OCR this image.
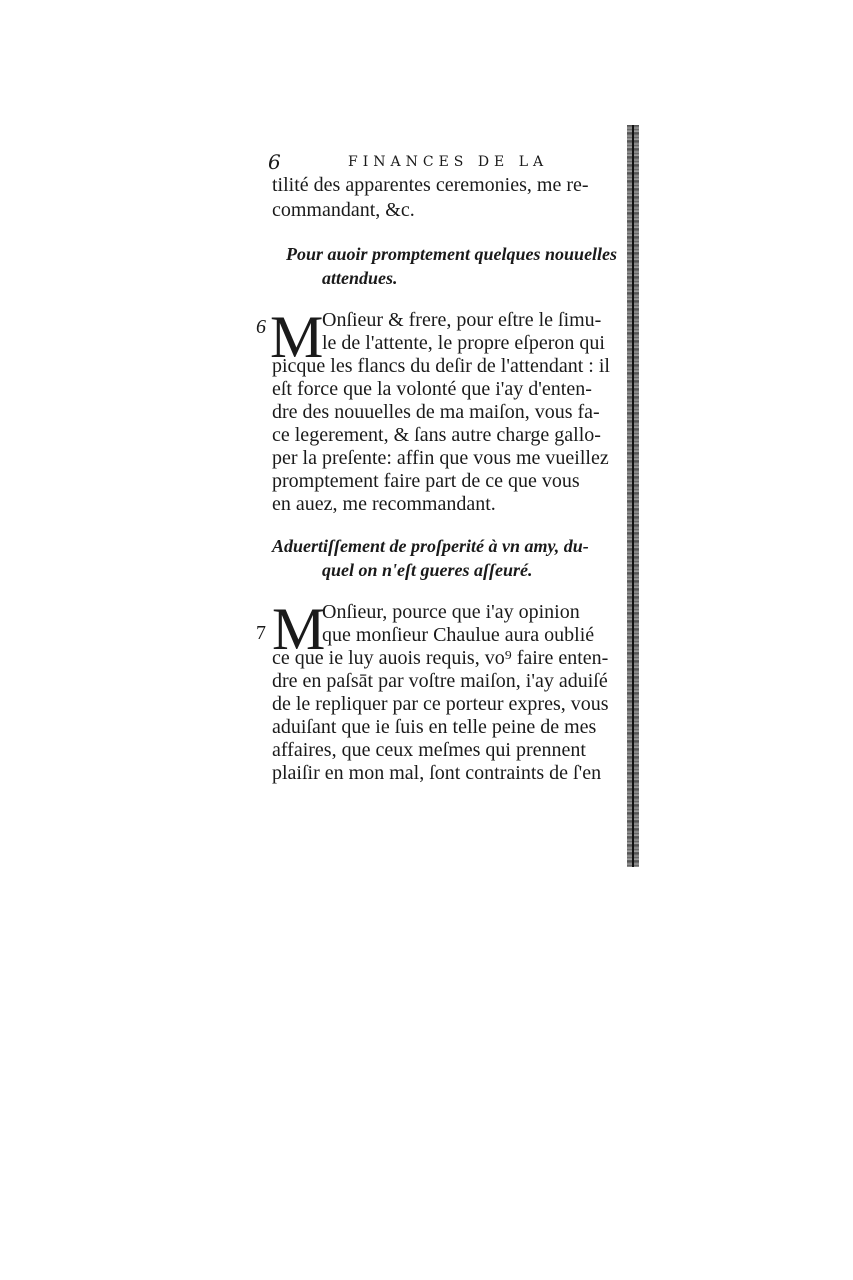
6	FINANCES DE LA
tilité des apparentes ceremonies, me re-
commandant, &c.
Pour auoir promptement quelques nouuelles
attendues.
6 M
Onſieur & frere, pour eſtre le ſimu-
le de l'attente, le propre eſperon qui
picque les flancs du deſir de l'attendant : il
eſt force que la volonté que i'ay d'enten-
dre des nouuelles de ma maiſon, vous fa-
ce legerement, & ſans autre charge gallo-
per la preſente: affin que vous me vueillez
promptement faire part de ce que vous
en auez, me recommandant.
Aduertiſſement de proſperité à vn amy, du-
quel on n'eſt gueres aſſeuré.
7 M
Onſieur, pource que i'ay opinion
que monſieur Chaulue aura oublié
ce que ie luy auois requis, vo⁹ faire enten-
dre en paſsāt par voſtre maiſon, i'ay aduiſé
de le repliquer par ce porteur expres, vous
aduiſant que ie ſuis en telle peine de mes
affaires, que ceux meſmes qui prennent
plaiſir en mon mal, ſont contraints de ſ'en
